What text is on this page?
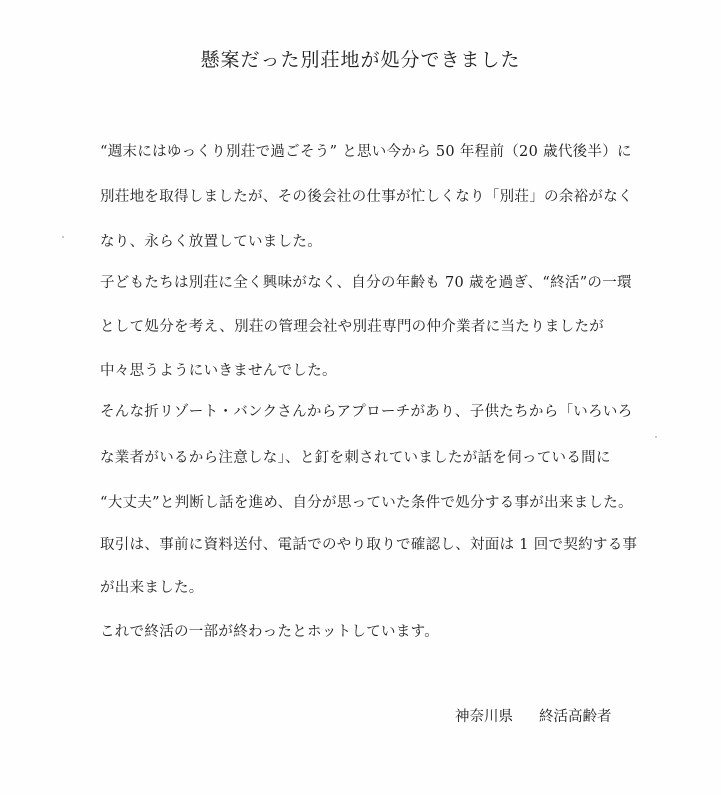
懸案だった別荘地が処分できました
“週末にはゆっくり別荘で過ごそう” と思い今から 50 年程前（20 歳代後半）に
別荘地を取得しましたが、その後会社の仕事が忙しくなり「別荘」の余裕がなく
なり、永らく放置していました。
子どもたちは別荘に全く興味がなく、自分の年齢も 70 歳を過ぎ、“終活”の一環
として処分を考え、別荘の管理会社や別荘専門の仲介業者に当たりましたが
中々思うようにいきませんでした。
そんな折リゾート・バンクさんからアプローチがあり、子供たちから「いろいろ
な業者がいるから注意しな」、と釘を刺されていましたが話を伺っている間に
“大丈夫”と判断し話を進め、自分が思っていた条件で処分する事が出来ました。
取引は、事前に資料送付、電話でのやり取りで確認し、対面は 1 回で契約する事
が出来ました。
これで終活の一部が終わったとホットしています。
神奈川県 終活高齢者
